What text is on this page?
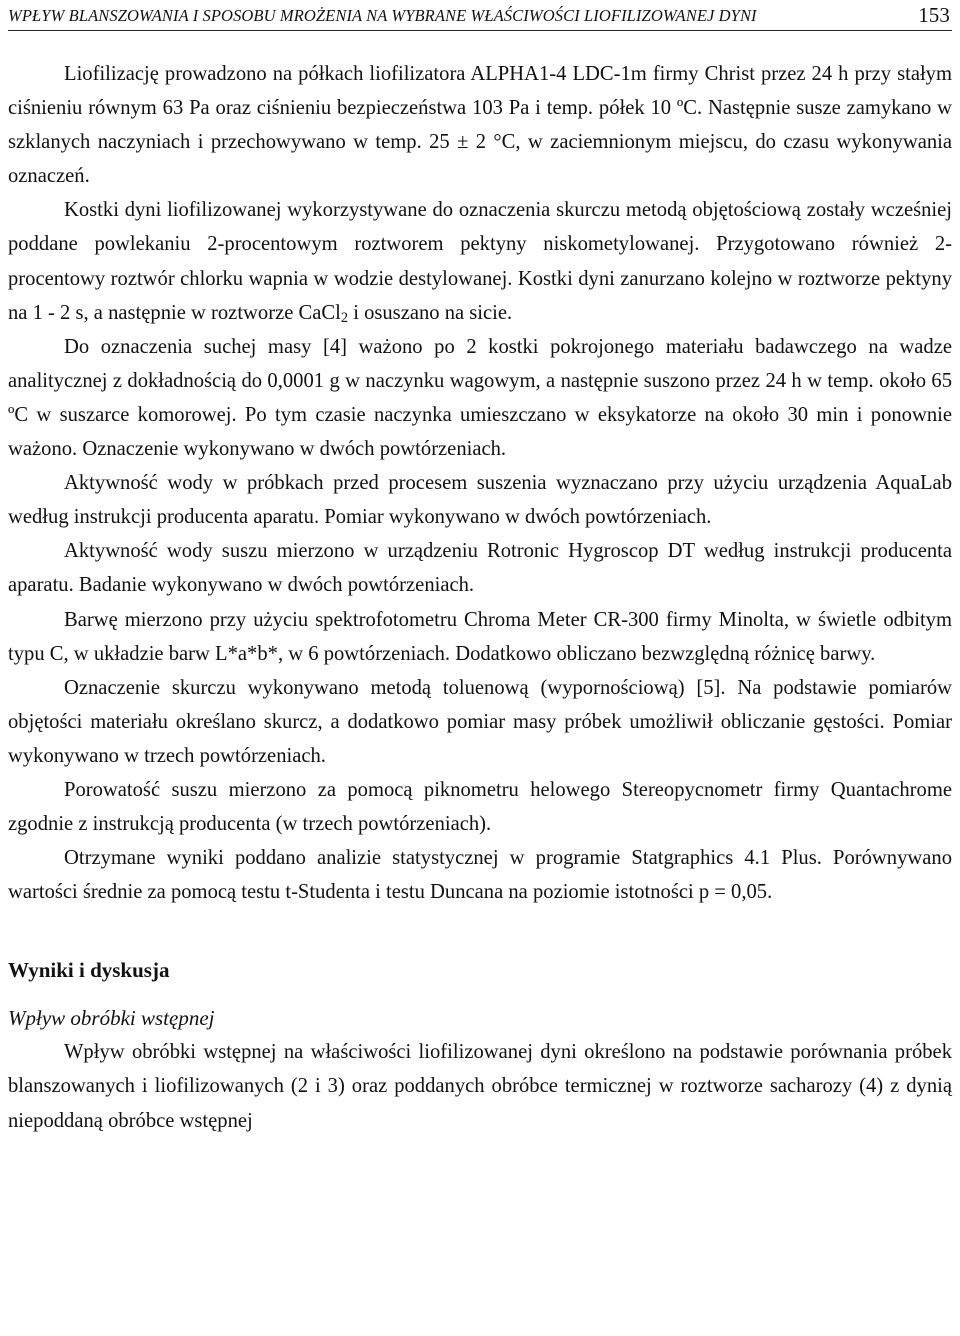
WPŁYW BLANSZOWANIA I SPOSOBU MROŻENIA NA WYBRANE WŁAŚCIWOŚCI LIOFILIZOWANEJ DYNI	153

Liofilizację prowadzono na półkach liofilizatora ALPHA1-4 LDC-1m firmy Christ przez 24 h przy stałym ciśnieniu równym 63 Pa oraz ciśnieniu bezpieczeństwa 103 Pa i temp. półek 10 ºC. Następnie susze zamykano w szklanych naczyniach i przechowywano w temp. 25 ± 2 °C, w zaciemnionym miejscu, do czasu wykonywania oznaczeń.

Kostki dyni liofilizowanej wykorzystywane do oznaczenia skurczu metodą objętościową zostały wcześniej poddane powlekaniu 2-procentowym roztworem pektyny niskometylowanej. Przygotowano również 2-procentowy roztwór chlorku wapnia w wodzie destylowanej. Kostki dyni zanurzano kolejno w roztworze pektyny na 1 - 2 s, a następnie w roztworze CaCl$_2$ i osuszano na sicie.

Do oznaczenia suchej masy [4] ważono po 2 kostki pokrojonego materiału badawczego na wadze analitycznej z dokładnością do 0,0001 g w naczynku wagowym, a następnie suszono przez 24 h w temp. około 65 ºC w suszarce komorowej. Po tym czasie naczynka umieszczano w eksykatorze na około 30 min i ponownie ważono. Oznaczenie wykonywano w dwóch powtórzeniach.

Aktywność wody w próbkach przed procesem suszenia wyznaczano przy użyciu urządzenia AquaLab według instrukcji producenta aparatu. Pomiar wykonywano w dwóch powtórzeniach.

Aktywność wody suszu mierzono w urządzeniu Rotronic Hygroscop DT według instrukcji producenta aparatu. Badanie wykonywano w dwóch powtórzeniach.

Barwę mierzono przy użyciu spektrofotometru Chroma Meter CR-300 firmy Minolta, w świetle odbitym typu C, w układzie barw L*a*b*, w 6 powtórzeniach. Dodatkowo obliczano bezwzględną różnicę barwy.

Oznaczenie skurczu wykonywano metodą toluenową (wypornościową) [5]. Na podstawie pomiarów objętości materiału określano skurcz, a dodatkowo pomiar masy próbek umożliwił obliczanie gęstości. Pomiar wykonywano w trzech powtórzeniach.

Porowatość suszu mierzono za pomocą piknometru helowego Stereopycnometr firmy Quantachrome zgodnie z instrukcją producenta (w trzech powtórzeniach).

Otrzymane wyniki poddano analizie statystycznej w programie Statgraphics 4.1 Plus. Porównywano wartości średnie za pomocą testu t-Studenta i testu Duncana na poziomie istotności p = 0,05.

Wyniki i dyskusja
Wpływ obróbki wstępnej

Wpływ obróbki wstępnej na właściwości liofilizowanej dyni określono na podstawie porównania próbek blanszowanych i liofilizowanych (2 i 3) oraz poddanych obróbce termicznej w roztworze sacharozy (4) z dynią niepoddaną obróbce wstępnej
